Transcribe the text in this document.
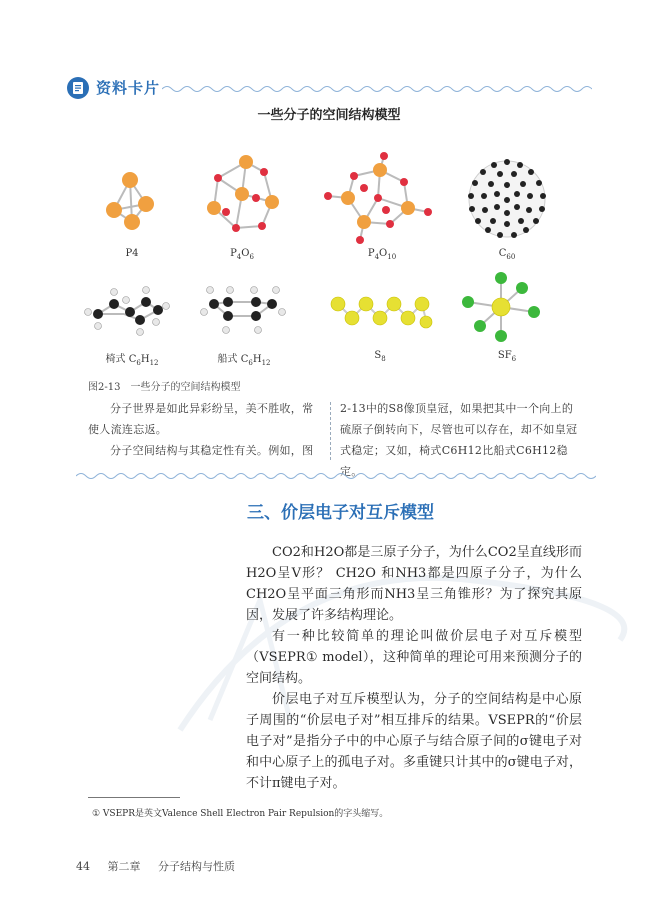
资料卡片
一些分子的空间结构模型
P4	$P_4O_6$	$P_4O_{10}$	$C_{60}$
椅式 $C_6H_{12}$	船式 $C_6H_{12}$
$S_8$	$SF_6$
图2-13　一些分子的空间结构模型
分子世界是如此异彩纷呈，美不胜收，常使人流连忘返。
分子空间结构与其稳定性有关。例如，图
2-13中的S8像顶皇冠，如果把其中一个向上的硫原子倒转向下，尽管也可以存在，却不如皇冠式稳定；又如，椅式C6H12比船式C6H12稳定。
三、价层电子对互斥模型

CO2和H2O都是三原子分子，为什么CO2呈直线形而H2O呈V形？ CH2O 和NH3都是四原子分子，为什么CH2O呈平面三角形而NH3呈三角锥形？为了探究其原因，发展了许多结构理论。

有一种比较简单的理论叫做价层电子对互斥模型（VSEPR① model），这种简单的理论可用来预测分子的空间结构。

价层电子对互斥模型认为，分子的空间结构是中心原子周围的“价层电子对”相互排斥的结果。VSEPR的“价层电子对”是指分子中的中心原子与结合原子间的σ键电子对和中心原子上的孤电子对。多重键只计其中的σ键电子对，不计π键电子对。

① VSEPR是英文Valence Shell Electron Pair Repulsion的字头缩写。
44 第二章 分子结构与性质
